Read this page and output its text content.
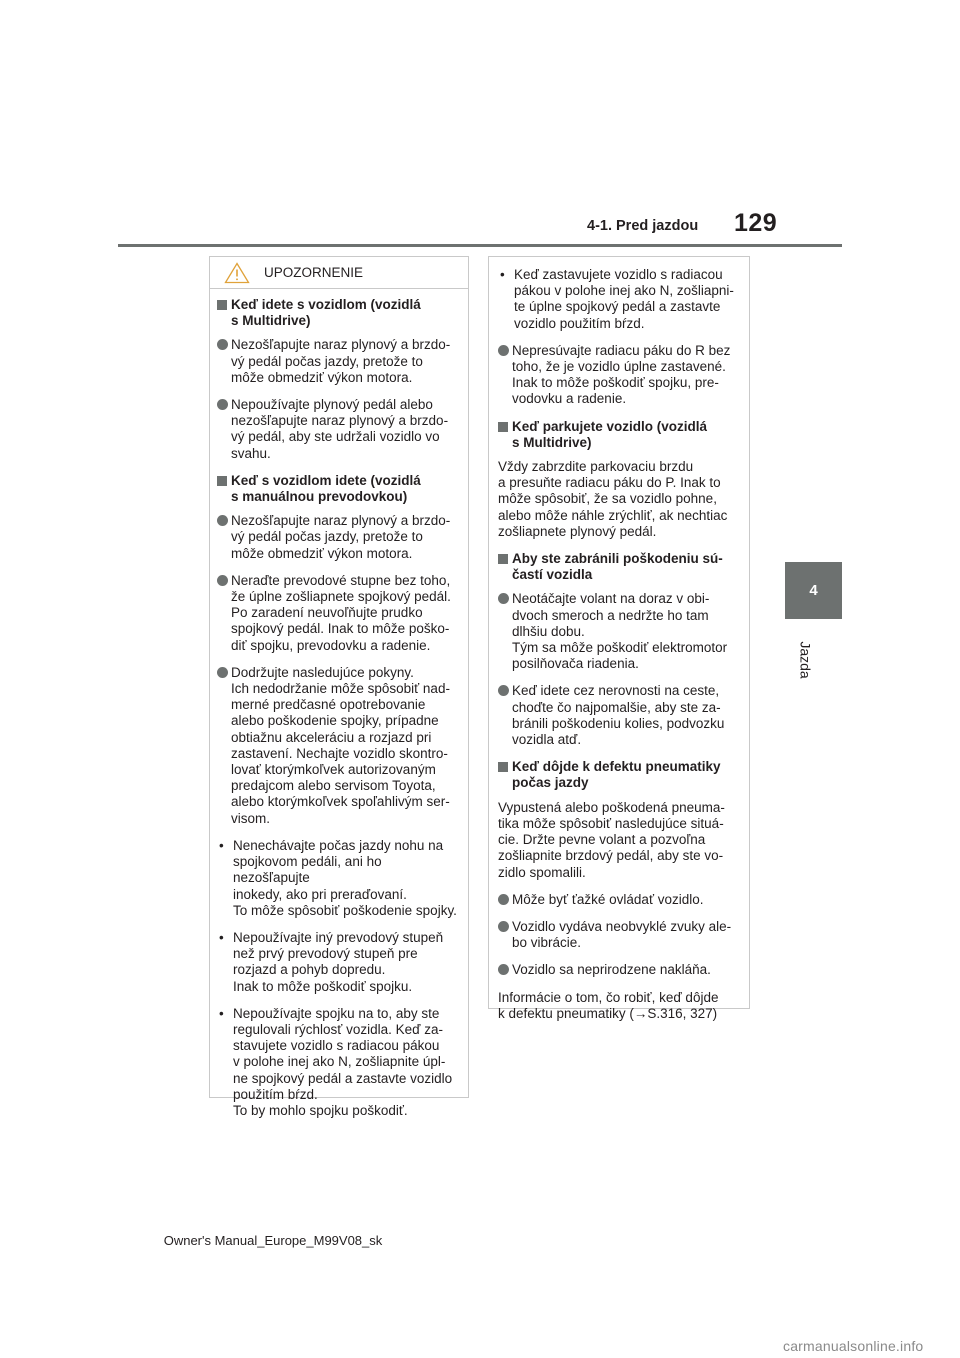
4-1. Pred jazdou 129
4
Jazda
UPOZORNENIE
Keď idete s vozidlom (vozidlá
s Multidrive)
Nezošľapujte naraz plynový a brzdo-
vý pedál počas jazdy, pretože to
môže obmedziť výkon motora.
Nepoužívajte plynový pedál alebo
nezošľapujte naraz plynový a brzdo-
vý pedál, aby ste udržali vozidlo vo
svahu.
Keď s vozidlom idete (vozidlá
s manuálnou prevodovkou)
Nezošľapujte naraz plynový a brzdo-
vý pedál počas jazdy, pretože to
môže obmedziť výkon motora.
Neraďte prevodové stupne bez toho,
že úplne zošliapnete spojkový pedál.
Po zaradení neuvoľňujte prudko
spojkový pedál. Inak to môže poško-
diť spojku, prevodovku a radenie.
Dodržujte nasledujúce pokyny.
Ich nedodržanie môže spôsobiť nad-
merné predčasné opotrebovanie
alebo poškodenie spojky, prípadne
obtiažnu akceleráciu a rozjazd pri
zastavení. Nechajte vozidlo skontro-
lovať ktorýmkoľvek autorizovaným
predajcom alebo servisom Toyota,
alebo ktorýmkoľvek spoľahlivým ser-
visom.
• Nenechávajte počas jazdy nohu na
spojkovom pedáli, ani ho nezošľapujte
inokedy, ako pri preraďovaní.
To môže spôsobiť poškodenie spojky.
• Nepoužívajte iný prevodový stupeň
než prvý prevodový stupeň pre
rozjazd a pohyb dopredu.
Inak to môže poškodiť spojku.
• Nepoužívajte spojku na to, aby ste
regulovali rýchlosť vozidla. Keď za-
stavujete vozidlo s radiacou pákou
v polohe inej ako N, zošliapnite úpl-
ne spojkový pedál a zastavte vozidlo
použitím bŕzd.
To by mohlo spojku poškodiť.
• Keď zastavujete vozidlo s radiacou
pákou v polohe inej ako N, zošliapni-
te úplne spojkový pedál a zastavte
vozidlo použitím bŕzd.
Nepresúvajte radiacu páku do R bez
toho, že je vozidlo úplne zastavené.
Inak to môže poškodiť spojku, pre-
vodovku a radenie.
Keď parkujete vozidlo (vozidlá
s Multidrive)
Vždy zabrzdite parkovaciu brzdu
a presuňte radiacu páku do P. Inak to
môže spôsobiť, že sa vozidlo pohne,
alebo môže náhle zrýchliť, ak nechtiac
zošliapnete plynový pedál.
Aby ste zabránili poškodeniu sú-
častí vozidla
Neotáčajte volant na doraz v obi-
dvoch smeroch a nedržte ho tam
dlhšiu dobu.
Tým sa môže poškodiť elektromotor
posilňovača riadenia.
Keď idete cez nerovnosti na ceste,
choďte čo najpomalšie, aby ste za-
bránili poškodeniu kolies, podvozku
vozidla atď.
Keď dôjde k defektu pneumatiky
počas jazdy
Vypustená alebo poškodená pneuma-
tika môže spôsobiť nasledujúce situá-
cie. Držte pevne volant a pozvoľna
zošliapnite brzdový pedál, aby ste vo-
zidlo spomalili.
Môže byť ťažké ovládať vozidlo.
Vozidlo vydáva neobvyklé zvuky ale-
bo vibrácie.
Vozidlo sa neprirodzene nakláňa.
Informácie o tom, čo robiť, keď dôjde
k defektu pneumatiky (→S.316, 327)
Owner's Manual_Europe_M99V08_sk
carmanualsonline.info
